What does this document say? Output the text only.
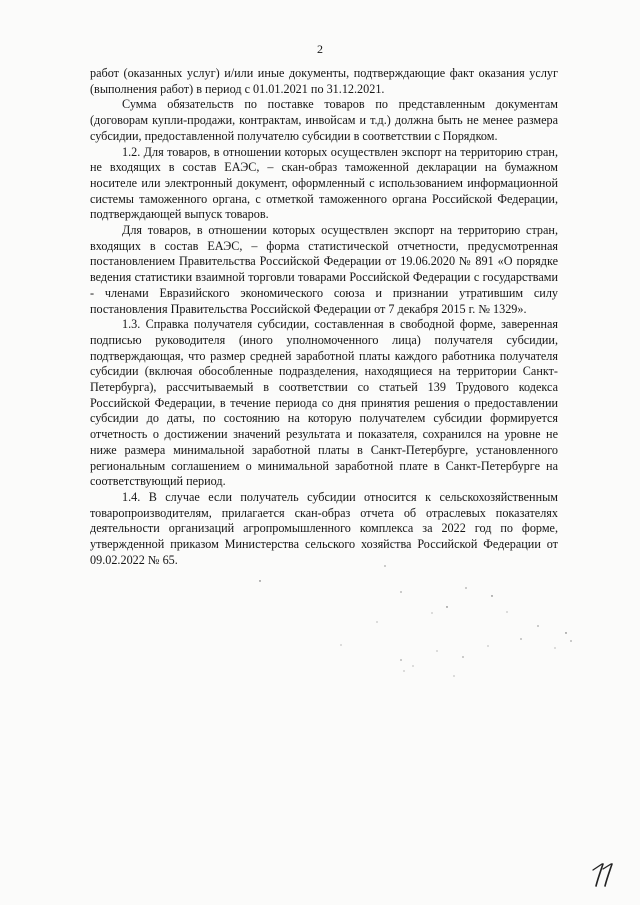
2

работ (оказанных услуг) и/или иные документы, подтверждающие факт оказания услуг (выполнения работ) в период с 01.01.2021 по 31.12.2021.

Сумма обязательств по поставке товаров по представленным документам (договорам купли-продажи, контрактам, инвойсам и т.д.) должна быть не менее размера субсидии, предоставленной получателю субсидии в соответствии с Порядком.

1.2. Для товаров, в отношении которых осуществлен экспорт на территорию стран, не входящих в состав ЕАЭС, – скан-образ таможенной декларации на бумажном носителе или электронный документ, оформленный с использованием информационной системы таможенного органа, с отметкой таможенного органа Российской Федерации, подтверждающей выпуск товаров.

Для товаров, в отношении которых осуществлен экспорт на территорию стран, входящих в состав ЕАЭС, – форма статистической отчетности, предусмотренная постановлением Правительства Российской Федерации от 19.06.2020 № 891 «О порядке ведения статистики взаимной торговли товарами Российской Федерации с государствами - членами Евразийского экономического союза и признании утратившим силу постановления Правительства Российской Федерации от 7 декабря 2015 г. № 1329».

1.3. Справка получателя субсидии, составленная в свободной форме, заверенная подписью руководителя (иного уполномоченного лица) получателя субсидии, подтверждающая, что размер средней заработной платы каждого работника получателя субсидии (включая обособленные подразделения, находящиеся на территории Санкт-Петербурга), рассчитываемый в соответствии со статьей 139 Трудового кодекса Российской Федерации, в течение периода со дня принятия решения о предоставлении субсидии до даты, по состоянию на которую получателем субсидии формируется отчетность о достижении значений результата и показателя, сохранился на уровне не ниже размера минимальной заработной платы в Санкт-Петербурге, установленного региональным соглашением о минимальной заработной плате в Санкт-Петербурге на соответствующий период.

1.4. В случае если получатель субсидии относится к сельскохозяйственным товаропроизводителям, прилагается скан-образ отчета об отраслевых показателях деятельности организаций агропромышленного комплекса за 2022 год по форме, утвержденной приказом Министерства сельского хозяйства Российской Федерации от 09.02.2022 № 65.
